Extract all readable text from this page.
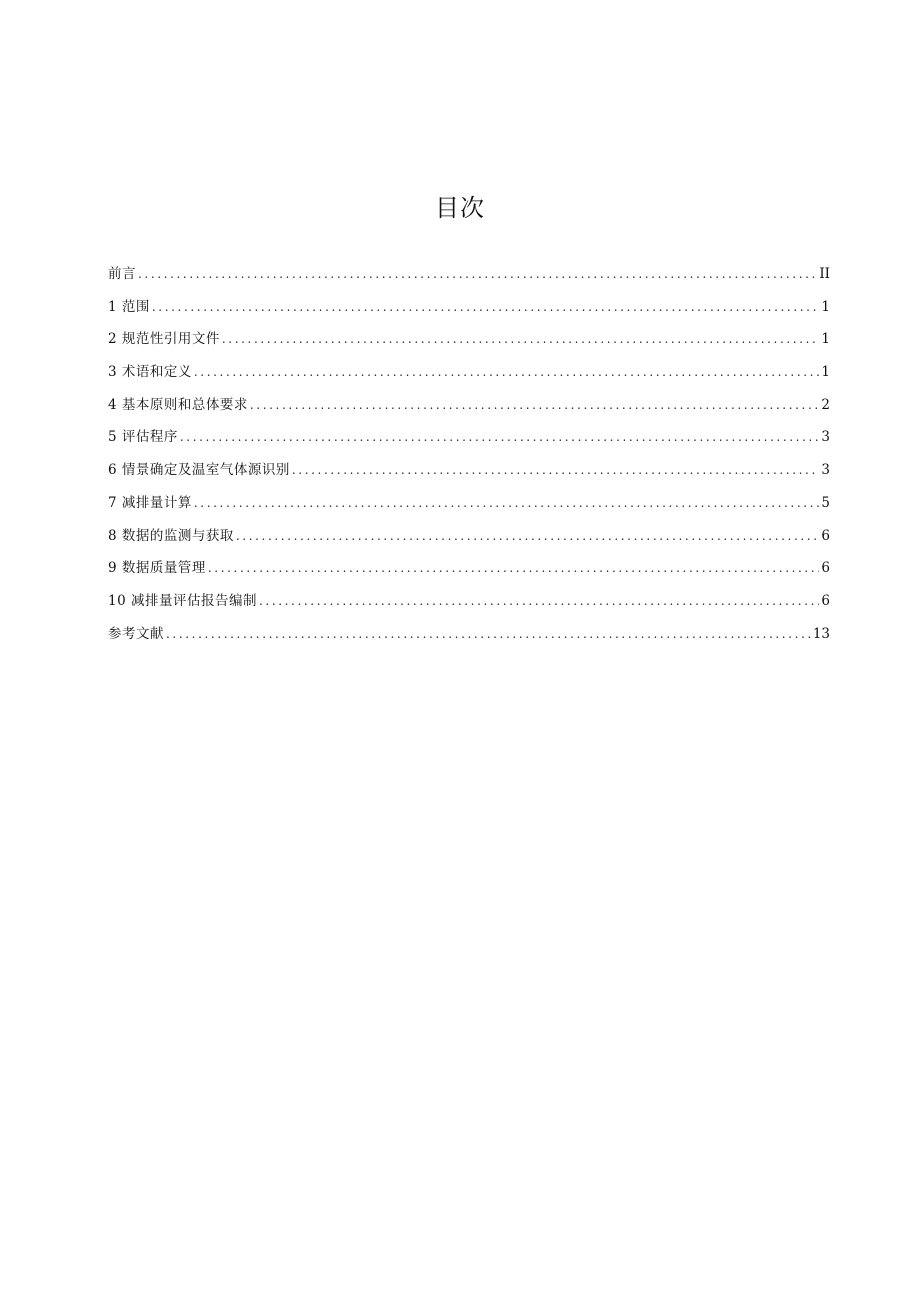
目次
前言 .....	II
1 范围 .....	1
2 规范性引用文件 .....	1
3 术语和定义 .....	1
4 基本原则和总体要求 .....	2
5 评估程序 .....	3
6 情景确定及温室气体源识别 .....	3
7 减排量计算 .....	5
8 数据的监测与获取 .....	6
9 数据质量管理 .....	6
10 减排量评估报告编制 .....	6
参考文献 .....	13
